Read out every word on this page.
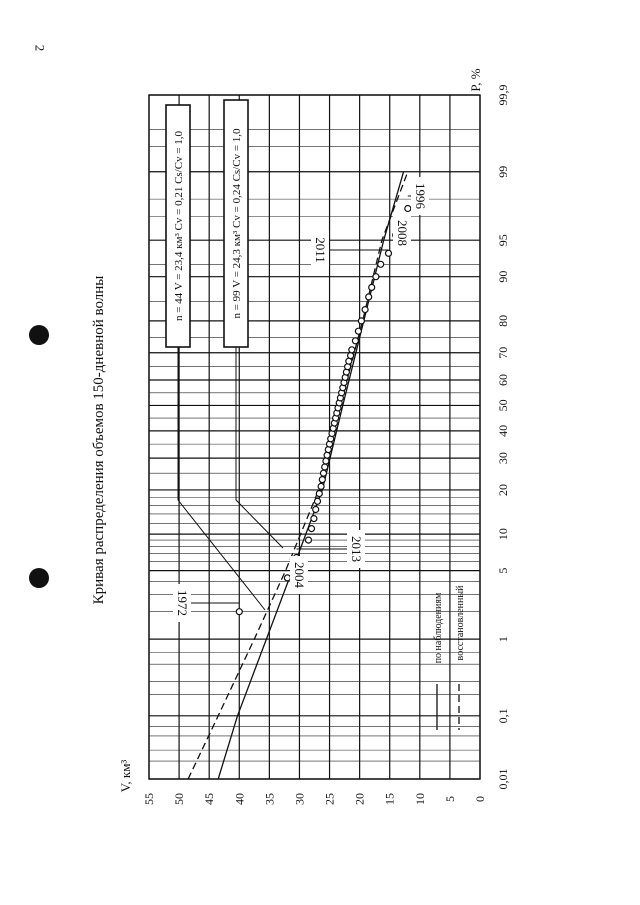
2
0
5
10
15
20
25
30
35
40
45
50
55
0,01
0,1
1
5
10
20
30
40
50
60
70
80
90
95
99
99,9
1972
2004
2013
2011
2008
1996
n = 44 V = 23,4 км³ Cv = 0,21 Cs/Cv = 1,0	n = 99 V = 24,3 км³ Cv = 0,24 Cs/Cv = 1,0
по наблюдениям восстановленный
Кривая распределения объемов 150-дневной волны
V, км³
P, %
